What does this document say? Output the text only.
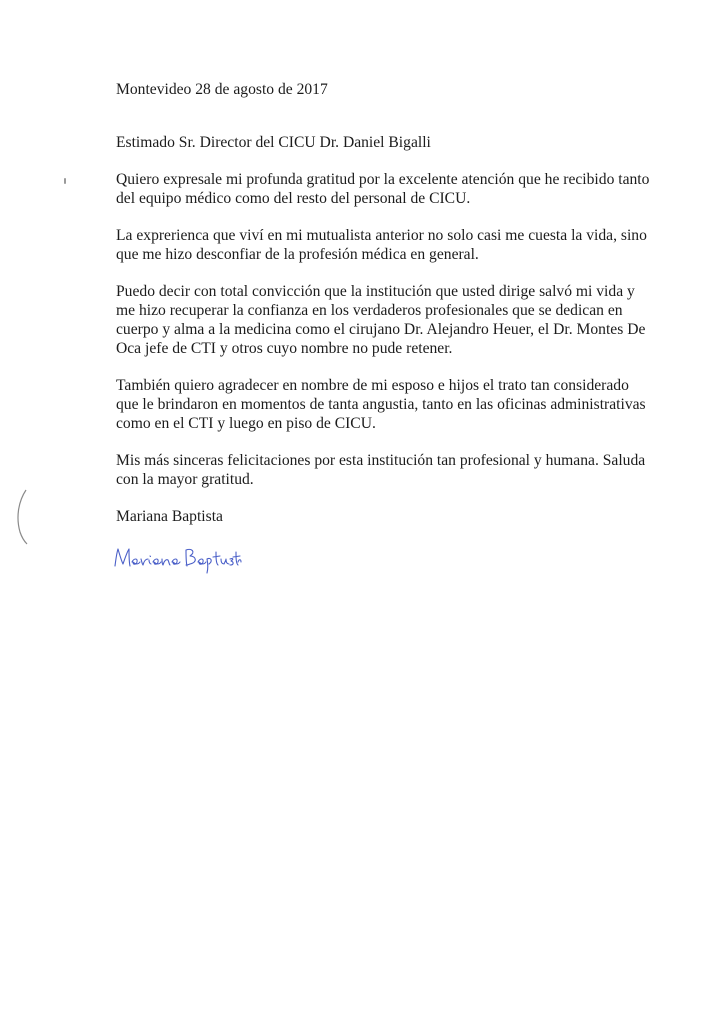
Montevideo 28 de agosto de 2017
Estimado Sr. Director del CICU Dr. Daniel Bigalli
Quiero expresale mi profunda gratitud por la excelente atención que he recibido tanto
del equipo médico como del resto del personal de CICU.
La exprerienca que viví en mi mutualista anterior no solo casi me cuesta la vida, sino
que me hizo desconfiar de la profesión médica en general.
Puedo decir con total convicción que la institución que usted dirige salvó mi vida y
me hizo recuperar la confianza en los verdaderos profesionales que se dedican en
cuerpo y alma a la medicina como el cirujano Dr. Alejandro Heuer, el Dr. Montes De
Oca jefe de CTI y otros cuyo nombre no pude retener.
También quiero agradecer en nombre de mi esposo e hijos el trato tan considerado
que le brindaron en momentos de tanta angustia, tanto en las oficinas administrativas
como en el CTI y luego en piso de CICU.
Mis más sinceras felicitaciones por esta institución tan profesional y humana. Saluda
con la mayor gratitud.
Mariana Baptista
